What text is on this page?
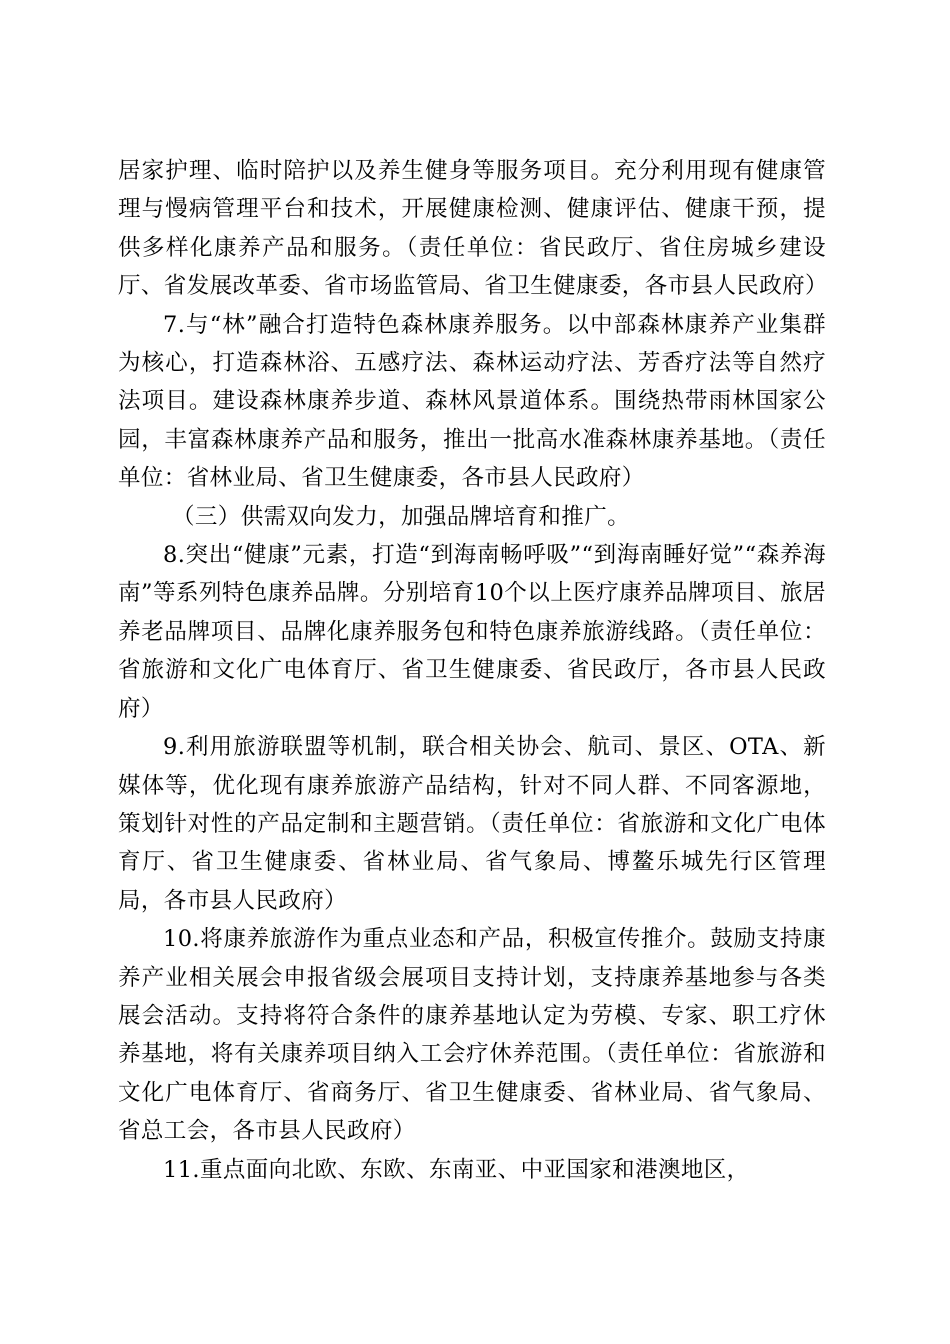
居家护理、临时陪护以及养生健身等服务项目。充分利用现有健康管理与慢病管理平台和技术，开展健康检测、健康评估、健康干预，提供多样化康养产品和服务。（责任单位：省民政厅、省住房城乡建设厅、省发展改革委、省市场监管局、省卫生健康委，各市县人民政府）

7.与“林”融合打造特色森林康养服务。以中部森林康养产业集群为核心，打造森林浴、五感疗法、森林运动疗法、芳香疗法等自然疗法项目。建设森林康养步道、森林风景道体系。围绕热带雨林国家公园，丰富森林康养产品和服务，推出一批高水准森林康养基地。（责任单位：省林业局、省卫生健康委，各市县人民政府）

（三）供需双向发力，加强品牌培育和推广。

8.突出“健康”元素，打造“到海南畅呼吸”“到海南睡好觉”“森养海南”等系列特色康养品牌。分别培育10个以上医疗康养品牌项目、旅居养老品牌项目、品牌化康养服务包和特色康养旅游线路。（责任单位：省旅游和文化广电体育厅、省卫生健康委、省民政厅，各市县人民政府）

9.利用旅游联盟等机制，联合相关协会、航司、景区、OTA、新媒体等，优化现有康养旅游产品结构，针对不同人群、不同客源地，策划针对性的产品定制和主题营销。（责任单位：省旅游和文化广电体育厅、省卫生健康委、省林业局、省气象局、博鳌乐城先行区管理局，各市县人民政府）

10.将康养旅游作为重点业态和产品，积极宣传推介。鼓励支持康养产业相关展会申报省级会展项目支持计划，支持康养基地参与各类展会活动。支持将符合条件的康养基地认定为劳模、专家、职工疗休养基地，将有关康养项目纳入工会疗休养范围。（责任单位：省旅游和文化广电体育厅、省商务厅、省卫生健康委、省林业局、省气象局、省总工会，各市县人民政府）

11.重点面向北欧、东欧、东南亚、中亚国家和港澳地区，
